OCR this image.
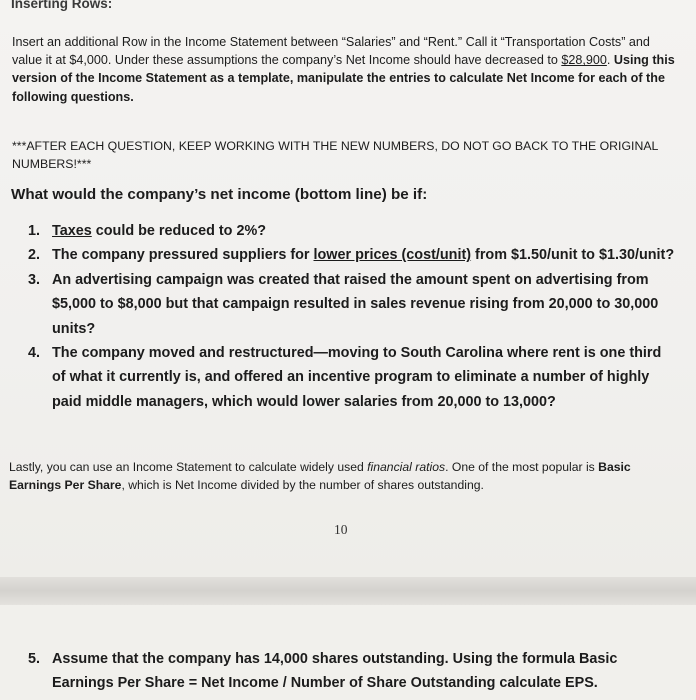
Inserting Rows:
Insert an additional Row in the Income Statement between “Salaries” and “Rent.” Call it “Transportation Costs” and value it at $4,000. Under these assumptions the company’s Net Income should have decreased to $28,900. Using this version of the Income Statement as a template, manipulate the entries to calculate Net Income for each of the following questions.
***AFTER EACH QUESTION, KEEP WORKING WITH THE NEW NUMBERS, DO NOT GO BACK TO THE ORIGINAL NUMBERS!***
What would the company’s net income (bottom line) be if:
1. Taxes could be reduced to 2%?
2. The company pressured suppliers for lower prices (cost/unit) from $1.50/unit to $1.30/unit?
3. An advertising campaign was created that raised the amount spent on advertising from $5,000 to $8,000 but that campaign resulted in sales revenue rising from 20,000 to 30,000 units?
4. The company moved and restructured—moving to South Carolina where rent is one third of what it currently is, and offered an incentive program to eliminate a number of highly paid middle managers, which would lower salaries from 20,000 to 13,000?
Lastly, you can use an Income Statement to calculate widely used financial ratios. One of the most popular is Basic Earnings Per Share, which is Net Income divided by the number of shares outstanding.
10
5. Assume that the company has 14,000 shares outstanding. Using the formula Basic Earnings Per Share = Net Income / Number of Share Outstanding calculate EPS.
